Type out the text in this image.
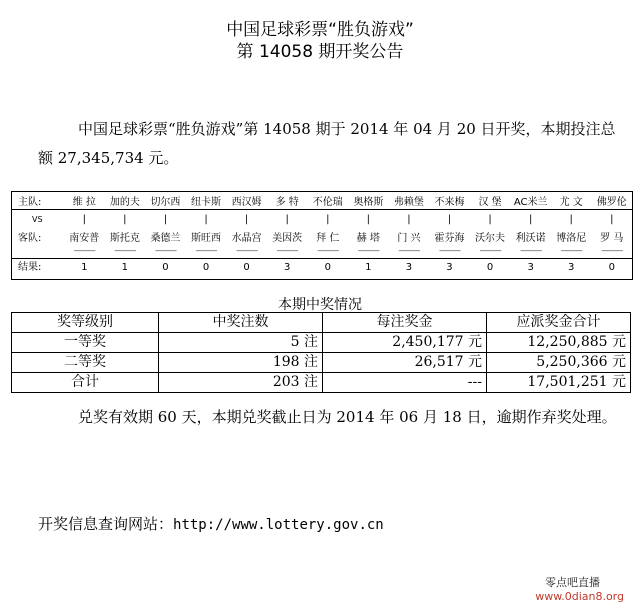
中国足球彩票“胜负游戏”
第 14058 期开奖公告
中国足球彩票“胜负游戏”第 14058 期于 2014 年 04 月 20 日开奖，本期投注总额 27,345,734 元。
主队:	维 拉	加的夫	切尔西	纽卡斯	西汉姆	多 特	不伦瑞	奥格斯	弗赖堡	不来梅	汉 堡	AC米兰	尤 文	佛罗伦
VS	|	|	|	|	|	|	|	|	|	|	|	|	|	|
客队:	南安普	斯托克	桑德兰	斯旺西	水晶宫	美因茨	拜 仁	赫 塔	门 兴	霍芬海	沃尔夫	利沃诺	博洛尼	罗 马
———	———	———	———	———	———	———	———	———	———	———	———	———	———
结果:	1	1	0	0	0	3	0	1	3	3	0	3	3	0
本期中奖情况
奖等级别	中奖注数	每注奖金	应派奖金合计
一等奖	5 注	2,450,177 元	12,250,885 元
二等奖	198 注	26,517 元	5,250,366 元
合计	203 注	---	17,501,251 元
兑奖有效期 60 天，本期兑奖截止日为 2014 年 06 月 18 日，逾期作弃奖处理。
开奖信息查询网站：http://www.lottery.gov.cn
零点吧直播
www.0dian8.org
